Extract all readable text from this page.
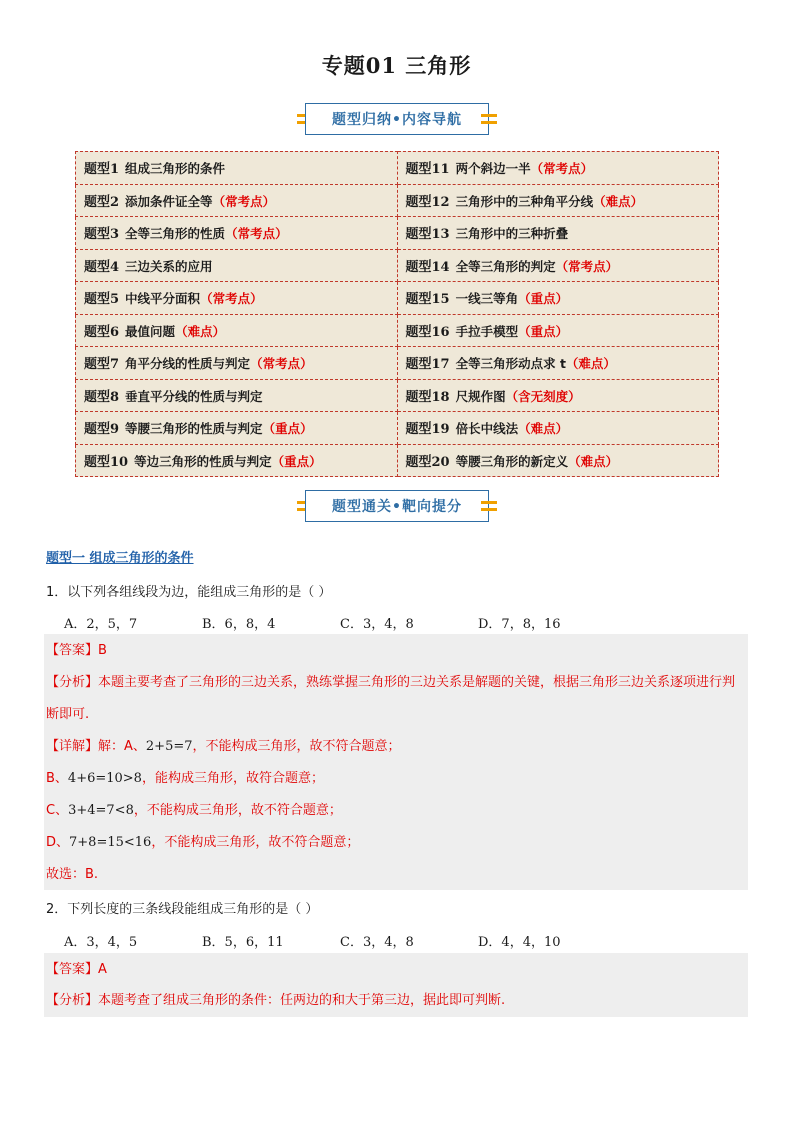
专题01 三角形
题型归纳•内容导航
题型1 组成三角形的条件	题型11 两个斜边一半（常考点）
题型2 添加条件证全等（常考点）	题型12 三角形中的三种角平分线（难点）
题型3 全等三角形的性质（常考点）	题型13 三角形中的三种折叠
题型4 三边关系的应用	题型14 全等三角形的判定（常考点）
题型5 中线平分面积（常考点）	题型15 一线三等角（重点）
题型6 最值问题（难点）	题型16 手拉手模型（重点）
题型7 角平分线的性质与判定（常考点）	题型17 全等三角形动点求 t（难点）
题型8 垂直平分线的性质与判定	题型18 尺规作图（含无刻度）
题型9 等腰三角形的性质与判定（重点）	题型19 倍长中线法（难点）
题型10 等边三角形的性质与判定（重点）	题型20 等腰三角形的新定义（难点）
题型通关•靶向提分
题型一 组成三角形的条件
1．以下列各组线段为边，能组成三角形的是（ ）
A．2，5，7	B．6，8，4	C．3，4，8	D．7，8，16
【答案】B
【分析】本题主要考查了三角形的三边关系，熟练掌握三角形的三边关系是解题的关键，根据三角形三边关系逐项进行判断即可.
【详解】解：A、2+5=7，不能构成三角形，故不符合题意；
B、4+6=10>8，能构成三角形，故符合题意；
C、3+4=7<8，不能构成三角形，故不符合题意；
D、7+8=15<16，不能构成三角形，故不符合题意；
故选：B.
2．下列长度的三条线段能组成三角形的是（ ）
A．3，4，5	B．5，6，11	C．3，4，8	D．4，4，10
【答案】A
【分析】本题考查了组成三角形的条件：任两边的和大于第三边，据此即可判断.
